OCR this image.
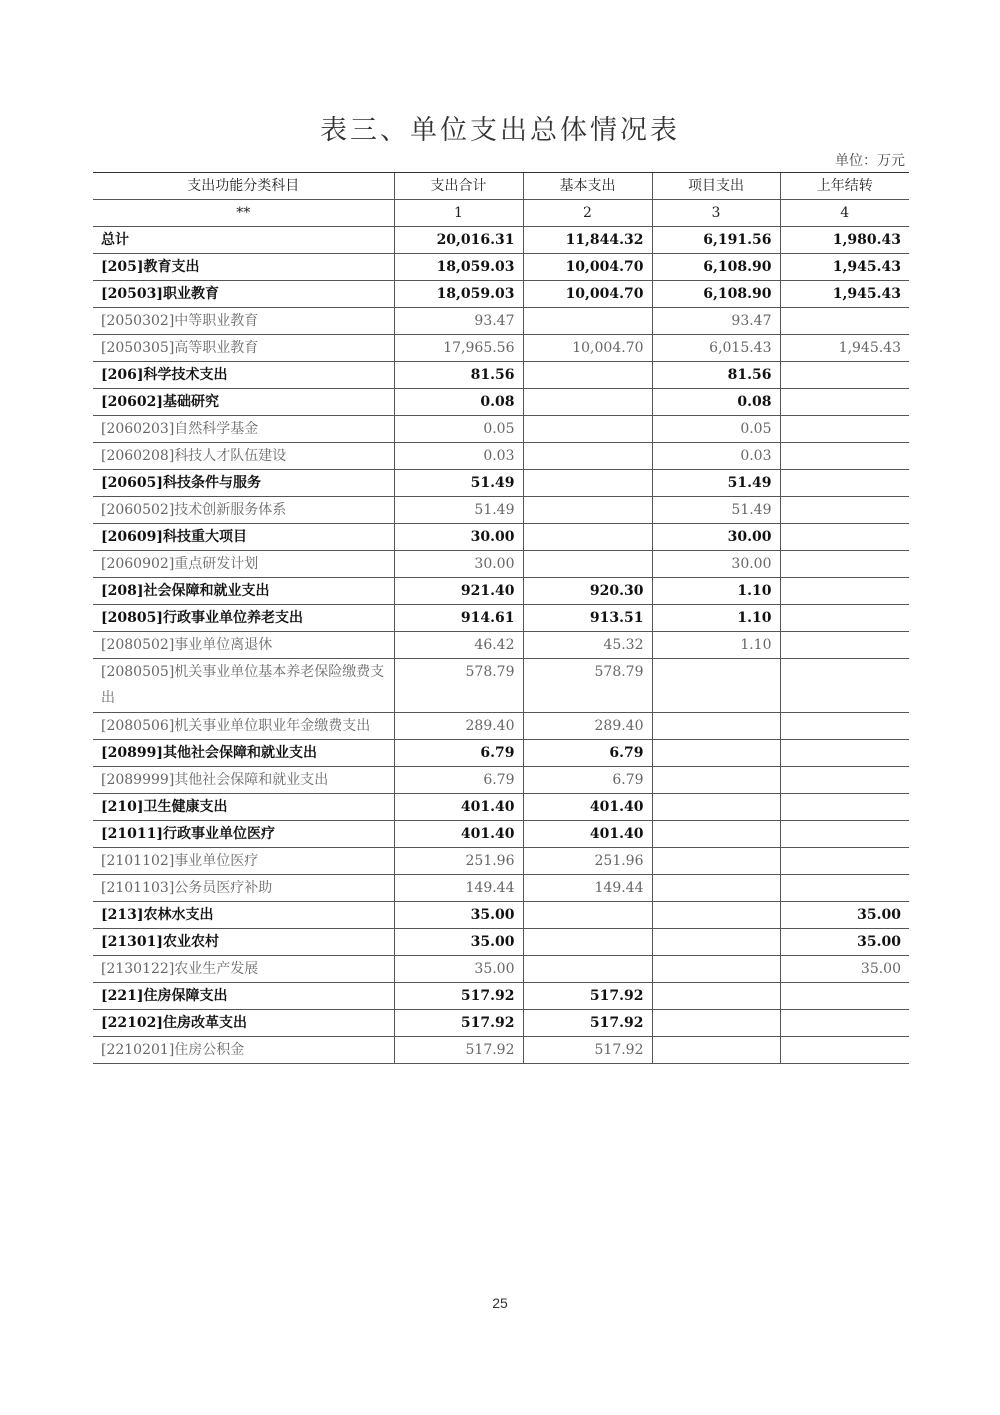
表三、单位支出总体情况表
单位：万元
支出功能分类科目	支出合计	基本支出	项目支出	上年结转
**	1	2	3	4
总计	20,016.31	11,844.32	6,191.56	1,980.43
[205]教育支出	18,059.03	10,004.70	6,108.90	1,945.43
[20503]职业教育	18,059.03	10,004.70	6,108.90	1,945.43
[2050302]中等职业教育	93.47		93.47	
[2050305]高等职业教育	17,965.56	10,004.70	6,015.43	1,945.43
[206]科学技术支出	81.56		81.56	
[20602]基础研究	0.08		0.08	
[2060203]自然科学基金	0.05		0.05	
[2060208]科技人才队伍建设	0.03		0.03	
[20605]科技条件与服务	51.49		51.49	
[2060502]技术创新服务体系	51.49		51.49	
[20609]科技重大项目	30.00		30.00	
[2060902]重点研发计划	30.00		30.00	
[208]社会保障和就业支出	921.40	920.30	1.10	
[20805]行政事业单位养老支出	914.61	913.51	1.10	
[2080502]事业单位离退休	46.42	45.32	1.10	
[2080505]机关事业单位基本养老保险缴费支出	578.79	578.79		
[2080506]机关事业单位职业年金缴费支出	289.40	289.40		
[20899]其他社会保障和就业支出	6.79	6.79		
[2089999]其他社会保障和就业支出	6.79	6.79		
[210]卫生健康支出	401.40	401.40		
[21011]行政事业单位医疗	401.40	401.40		
[2101102]事业单位医疗	251.96	251.96		
[2101103]公务员医疗补助	149.44	149.44		
[213]农林水支出	35.00			35.00
[21301]农业农村	35.00			35.00
[2130122]农业生产发展	35.00			35.00
[221]住房保障支出	517.92	517.92		
[22102]住房改革支出	517.92	517.92		
[2210201]住房公积金	517.92	517.92		
25
